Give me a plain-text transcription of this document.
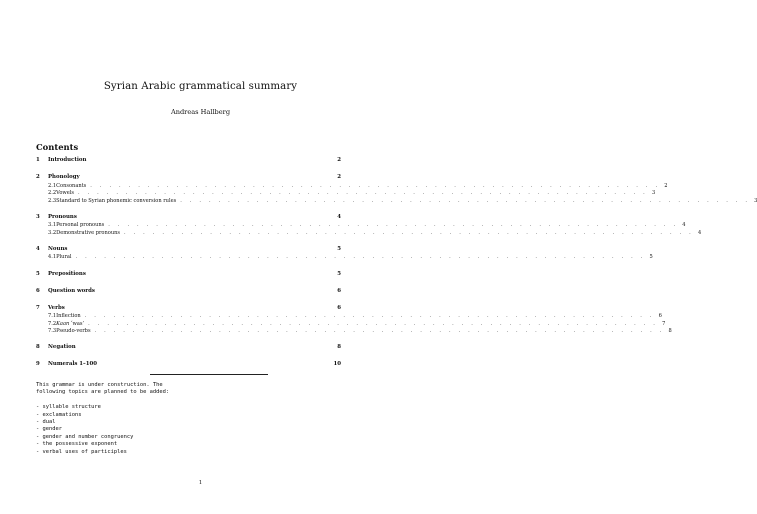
Syrian Arabic grammatical summary
Andreas Hallberg
Contents
1	Introduction	2
2	Phonology	2
2.1 Consonants . . . . . . . . . . . . . . . . . . . . . . . . . . . . . . . . . . . . . . . . . . . . . . . . . . . . . . . . . . . . 2
2.2 Vowels . . . . . . . . . . . . . . . . . . . . . . . . . . . . . . . . . . . . . . . . . . . . . . . . . . . . . . . . . . . . 3
2.3 Standard to Syrian phonemic conversion rules . . . . . . . . . . . . . . . . . . . . . . . . . . . . . . . . . . . . . . . . . . . . . . . . . . . . . . . . . . . . 3
3	Pronouns	4
3.1 Personal pronouns . . . . . . . . . . . . . . . . . . . . . . . . . . . . . . . . . . . . . . . . . . . . . . . . . . . . . . . . . . . . 4
3.2 Demonstrative pronouns . . . . . . . . . . . . . . . . . . . . . . . . . . . . . . . . . . . . . . . . . . . . . . . . . . . . . . . . . . . . 4
4	Nouns	5
4.1 Plural . . . . . . . . . . . . . . . . . . . . . . . . . . . . . . . . . . . . . . . . . . . . . . . . . . . . . . . . . . . . 5
5	Prepositions	5
6	Question words	6
7	Verbs	6
7.1 Inflection . . . . . . . . . . . . . . . . . . . . . . . . . . . . . . . . . . . . . . . . . . . . . . . . . . . . . . . . . . . . 6
7.2 Kaan ‘was’ . . . . . . . . . . . . . . . . . . . . . . . . . . . . . . . . . . . . . . . . . . . . . . . . . . . . . . . . . . . . 7
7.3 Pseudo-verbs . . . . . . . . . . . . . . . . . . . . . . . . . . . . . . . . . . . . . . . . . . . . . . . . . . . . . . . . . . . . 8
8	Negation	8
9	Numerals 1–100	10
This grammar is under construction. The
following topics are planned to be added:
- syllable structure
- exclamations
- dual
- gender
- gender and number congruency
- the possessive exponent
- verbal uses of participles
1
